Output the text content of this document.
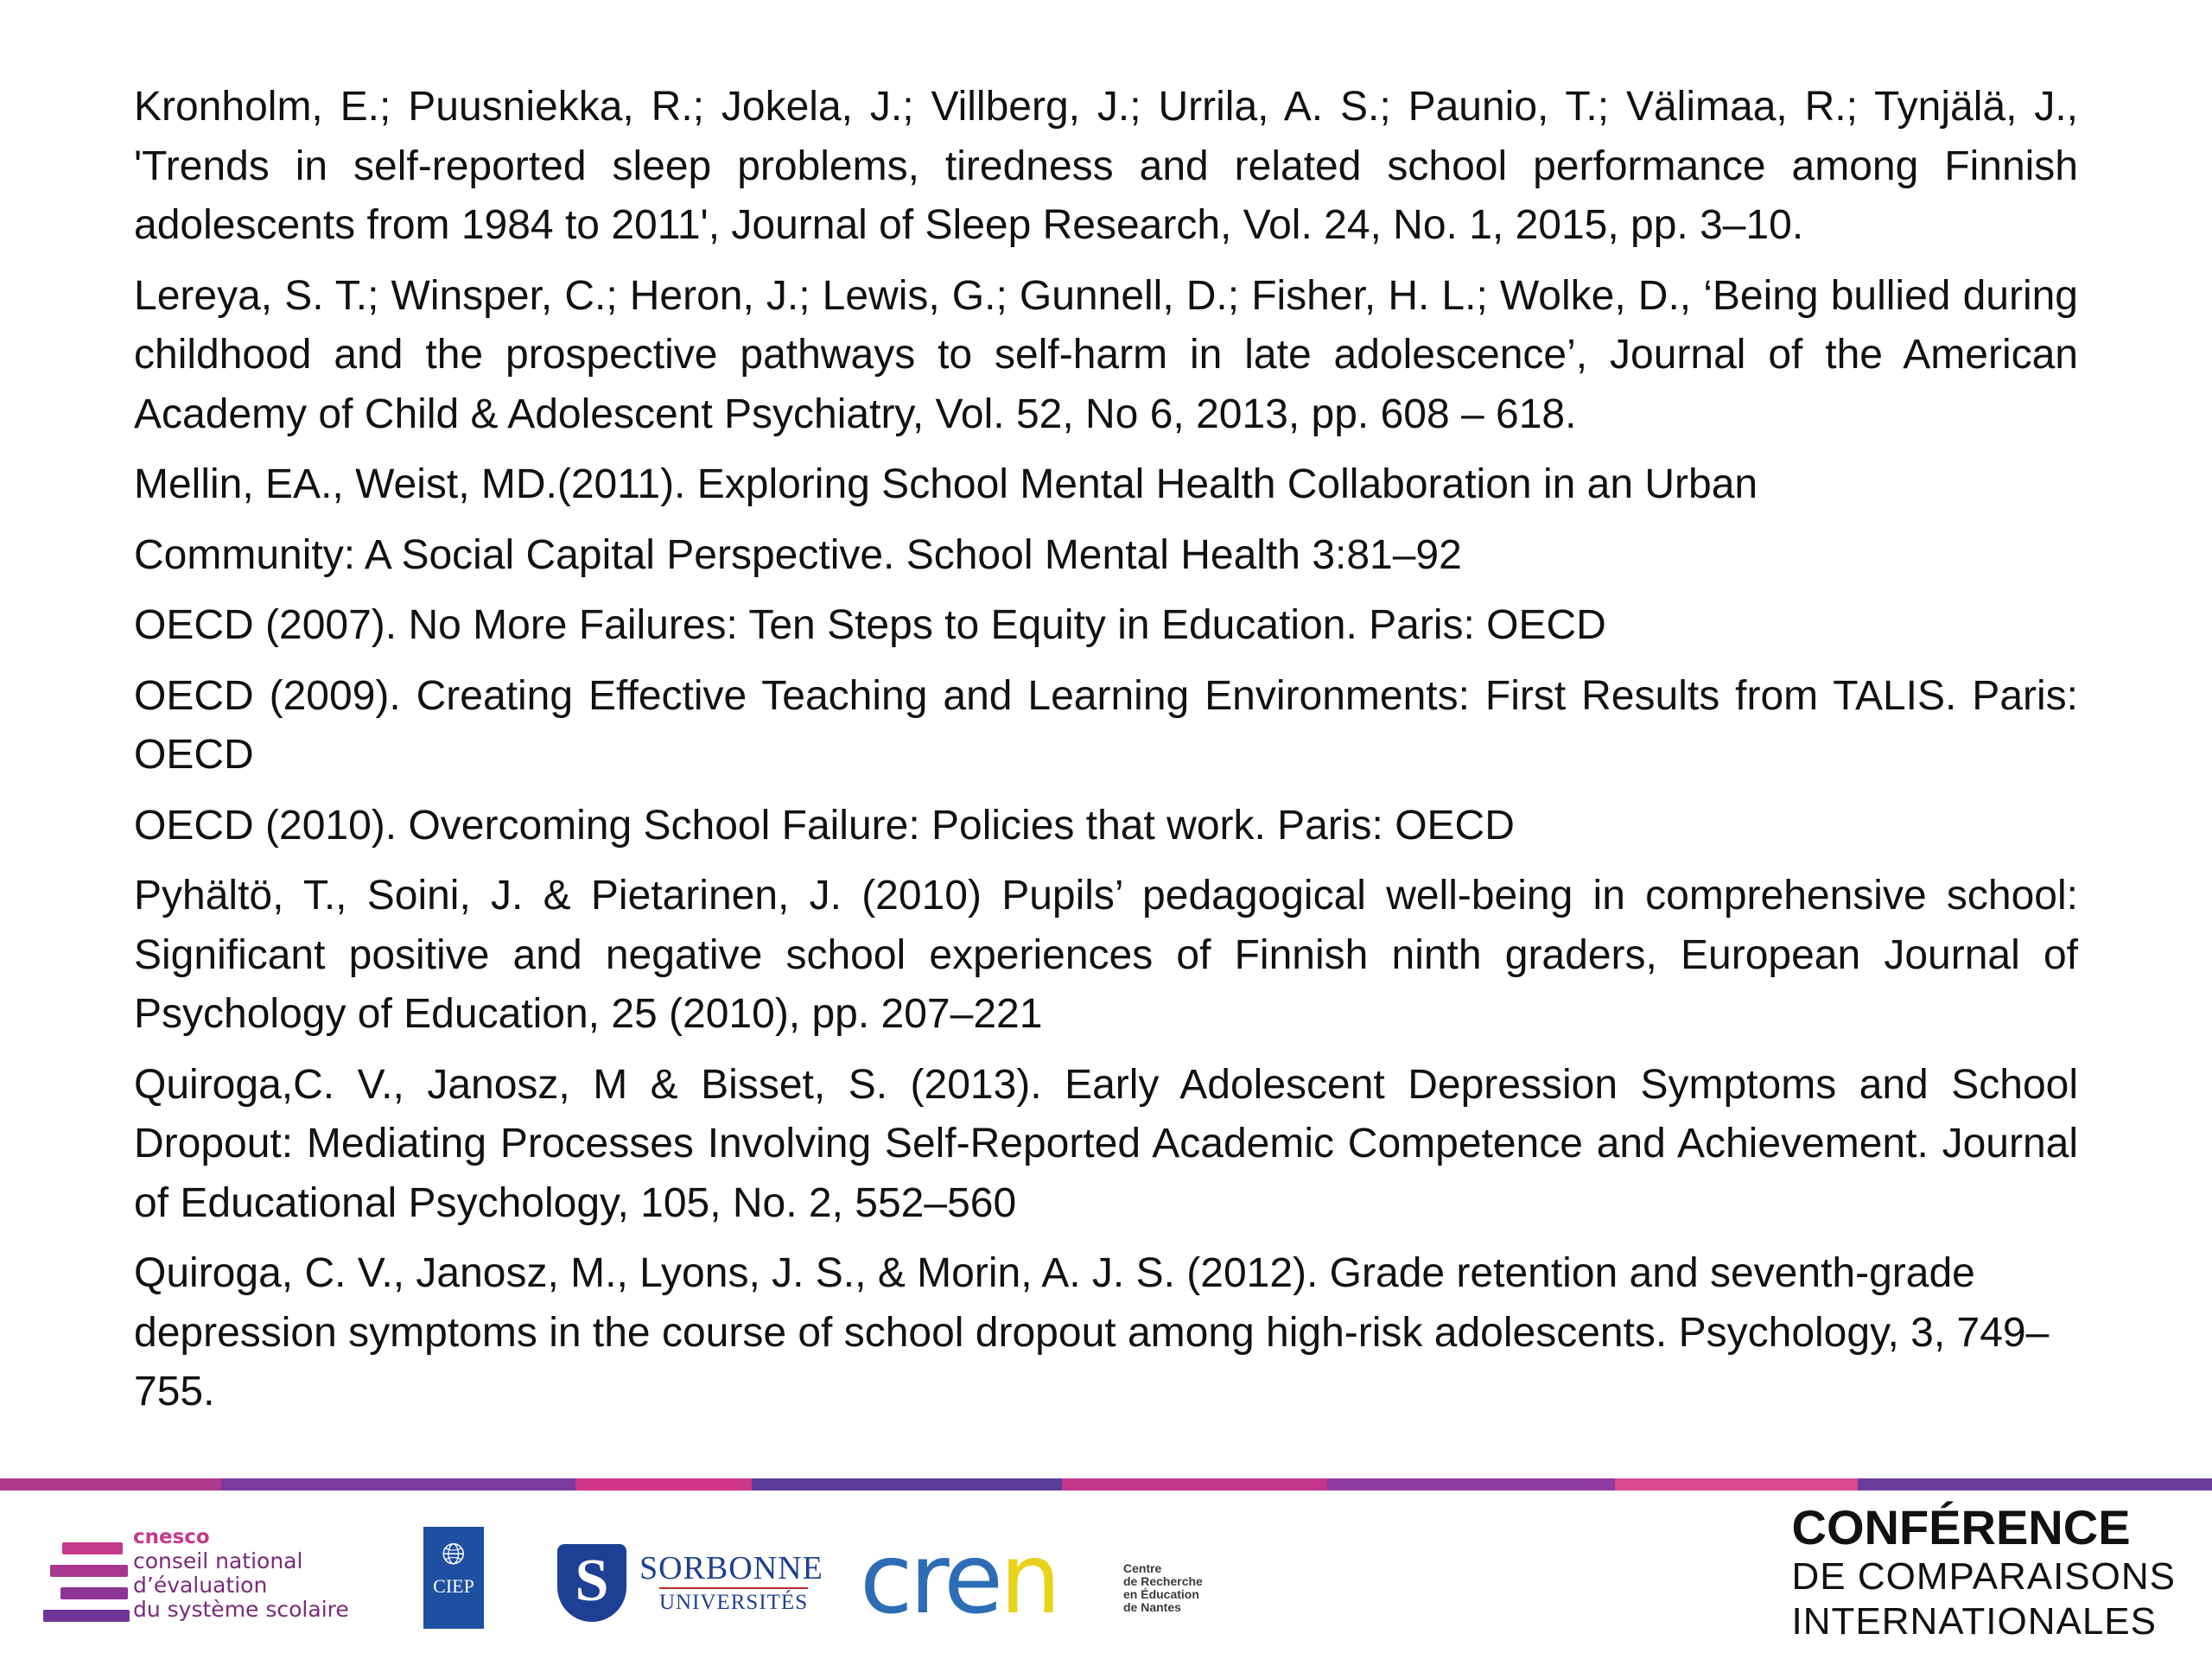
Kronholm, E.; Puusniekka, R.; Jokela, J.; Villberg, J.; Urrila, A. S.; Paunio, T.; Välimaa, R.; Tynjälä, J., 'Trends in self-reported sleep problems, tiredness and related school performance among Finnish adolescents from 1984 to 2011', Journal of Sleep Research, Vol. 24, No. 1, 2015, pp. 3–10.

Lereya, S. T.; Winsper, C.; Heron, J.; Lewis, G.; Gunnell, D.; Fisher, H. L.; Wolke, D., ‘Being bullied during childhood and the prospective pathways to self-harm in late adolescence’, Journal of the American Academy of Child & Adolescent Psychiatry, Vol. 52, No 6, 2013, pp. 608 – 618.

Mellin, EA., Weist, MD.(2011). Exploring School Mental Health Collaboration in an Urban

Community: A Social Capital Perspective. School Mental Health 3:81–92

OECD (2007). No More Failures: Ten Steps to Equity in Education. Paris: OECD

OECD (2009). Creating Effective Teaching and Learning Environments: First Results from TALIS. Paris: OECD

OECD (2010). Overcoming School Failure: Policies that work. Paris: OECD

Pyhältö, T., Soini, J. & Pietarinen, J. (2010) Pupils’ pedagogical well-being in comprehensive school: Significant positive and negative school experiences of Finnish ninth graders, European Journal of Psychology of Education, 25 (2010), pp. 207–221

Quiroga,C. V., Janosz, M & Bisset, S. (2013). Early Adolescent Depression Symptoms and School Dropout: Mediating Processes Involving Self-Reported Academic Competence and Achievement. Journal of Educational Psychology, 105, No. 2, 552–560

Quiroga, C. V., Janosz, M., Lyons, J. S., & Morin, A. J. S. (2012). Grade retention and seventh-grade depression symptoms in the course of school dropout among high-risk adolescents. Psychology, 3, 749–755.

cnesco
conseil national
d’évaluation
du système scolaire
🌐︎
CIEP S SORBONNE
UNIVERSITÉS cren	Centre
de Recherche
en Éducation
de Nantes
CONFÉRENCE
DE COMPARAISONS
INTERNATIONALES
